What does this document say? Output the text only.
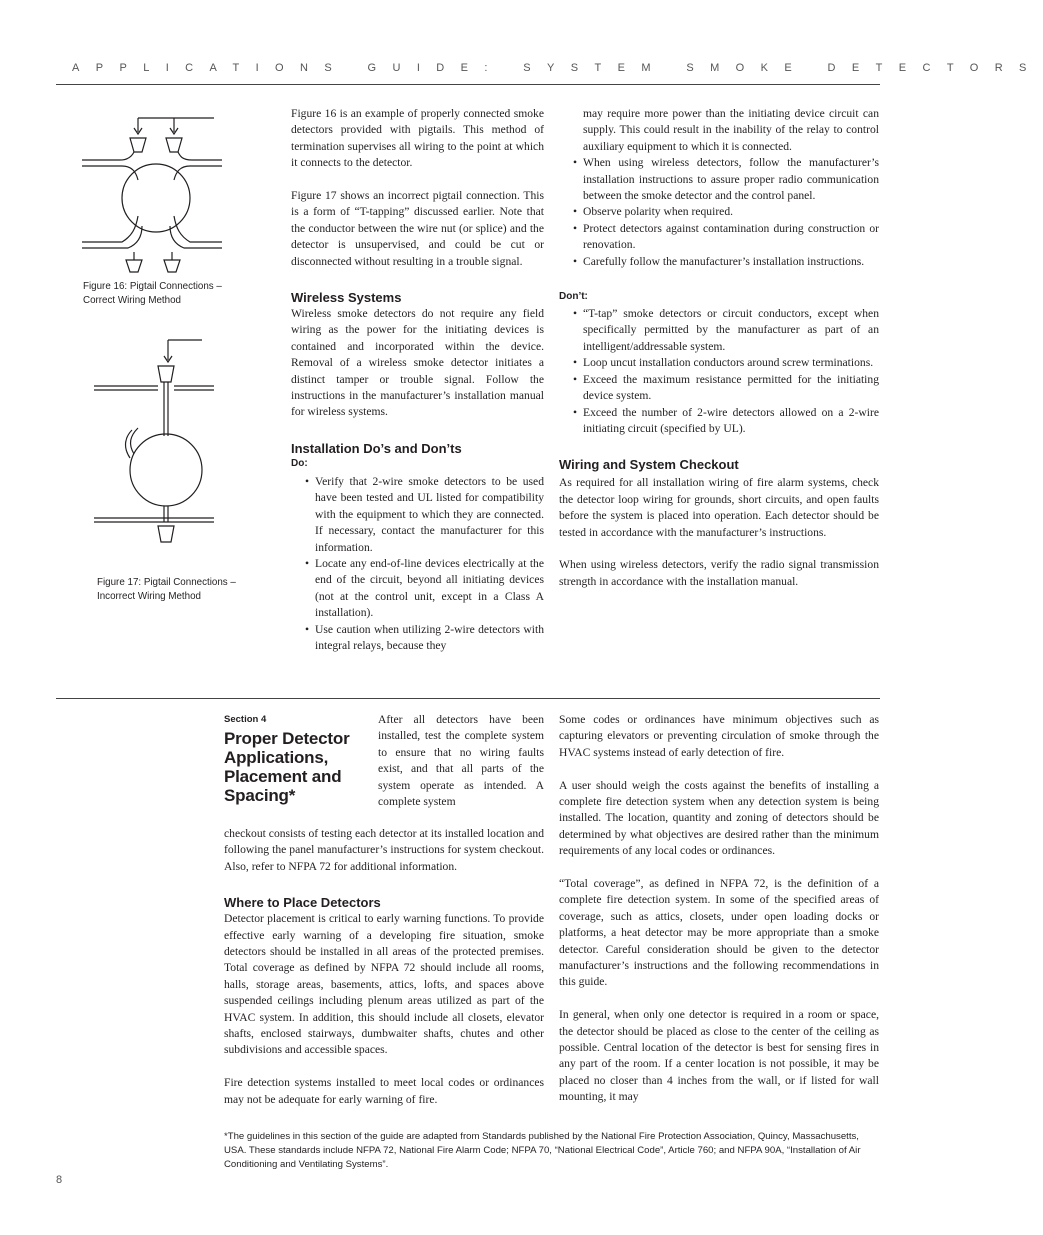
APPLICATIONS GUIDE: SYSTEM SMOKE DETECTORS
Figure 16: Pigtail Connections – Correct Wiring Method
Figure 17: Pigtail Connections – Incorrect Wiring Method

Figure 16 is an example of properly connected smoke detectors provided with pigtails. This method of termination supervises all wiring to the point at which it connects to the detector.

Figure 17 shows an incorrect pigtail connection. This is a form of “T-tapping” discussed earlier. Note that the conductor between the wire nut (or splice) and the detector is unsupervised, and could be cut or disconnected without resulting in a trouble signal.

Wireless Systems

Wireless smoke detectors do not require any field wiring as the power for the initiating devices is contained and incorporated within the device. Removal of a wireless smoke detector initiates a distinct tamper or trouble signal. Follow the instructions in the manufacturer’s installation manual for wireless systems.

Installation Do’s and Don’ts
Do:
• Verify that 2-wire smoke detectors to be used have been tested and UL listed for compatibility with the equipment to which they are connected. If necessary, contact the manufacturer for this information.
• Locate any end-of-line devices electrically at the end of the circuit, beyond all initiating devices (not at the control unit, except in a Class A installation).
• Use caution when utilizing 2-wire detectors with integral relays, because they
may require more power than the initiating device circuit can supply. This could result in the inability of the relay to control auxiliary equipment to which it is connected.
• When using wireless detectors, follow the manufacturer’s installation instructions to assure proper radio communication between the smoke detector and the control panel.
• Observe polarity when required.
• Protect detectors against contamination during construction or renovation.
• Carefully follow the manufacturer’s installation instructions.
Don’t:
• “T-tap” smoke detectors or circuit conductors, except when specifically permitted by the manufacturer as part of an intelligent/addressable system.
• Loop uncut installation conductors around screw terminations.
• Exceed the maximum resistance permitted for the initiating device system.
• Exceed the number of 2-wire detectors allowed on a 2-wire initiating circuit (specified by UL).
Wiring and System Checkout

As required for all installation wiring of fire alarm systems, check the detector loop wiring for grounds, short circuits, and open faults before the system is placed into operation. Each detector should be tested in accordance with the manufacturer’s instructions.

When using wireless detectors, verify the radio signal transmission strength in accordance with the installation manual.

Section 4
Proper Detector Applications, Placement and Spacing*
After all detectors have been installed, test the complete system to ensure that no wiring faults exist, and that all parts of the system operate as intended. A complete system

checkout consists of testing each detector at its installed location and following the panel manufacturer’s instructions for system checkout. Also, refer to NFPA 72 for additional information.

Where to Place Detectors

Detector placement is critical to early warning functions. To provide effective early warning of a developing fire situation, smoke detectors should be installed in all areas of the protected premises. Total coverage as defined by NFPA 72 should include all rooms, halls, storage areas, basements, attics, lofts, and spaces above suspended ceilings including plenum areas utilized as part of the HVAC system. In addition, this should include all closets, elevator shafts, enclosed stairways, dumbwaiter shafts, chutes and other subdivisions and accessible spaces.

Fire detection systems installed to meet local codes or ordinances may not be adequate for early warning of fire.

Some codes or ordinances have minimum objectives such as capturing elevators or preventing circulation of smoke through the HVAC systems instead of early detection of fire.

A user should weigh the costs against the benefits of installing a complete fire detection system when any detection system is being installed. The location, quantity and zoning of detectors should be determined by what objectives are desired rather than the minimum requirements of any local codes or ordinances.

“Total coverage”, as defined in NFPA 72, is the definition of a complete fire detection system. In some of the specified areas of coverage, such as attics, closets, under open loading docks or platforms, a heat detector may be more appropriate than a smoke detector. Careful consideration should be given to the detector manufacturer’s instructions and the following recommendations in this guide.

In general, when only one detector is required in a room or space, the detector should be placed as close to the center of the ceiling as possible. Central location of the detector is best for sensing fires in any part of the room. If a center location is not possible, it may be placed no closer than 4 inches from the wall, or if listed for wall mounting, it may

*The guidelines in this section of the guide are adapted from Standards published by the National Fire Protection Association, Quincy, Massachusetts, USA. These standards include NFPA 72, National Fire Alarm Code; NFPA 70, “National Electrical Code”, Article 760; and NFPA 90A, “Installation of Air Conditioning and Ventilating Systems”.
8
